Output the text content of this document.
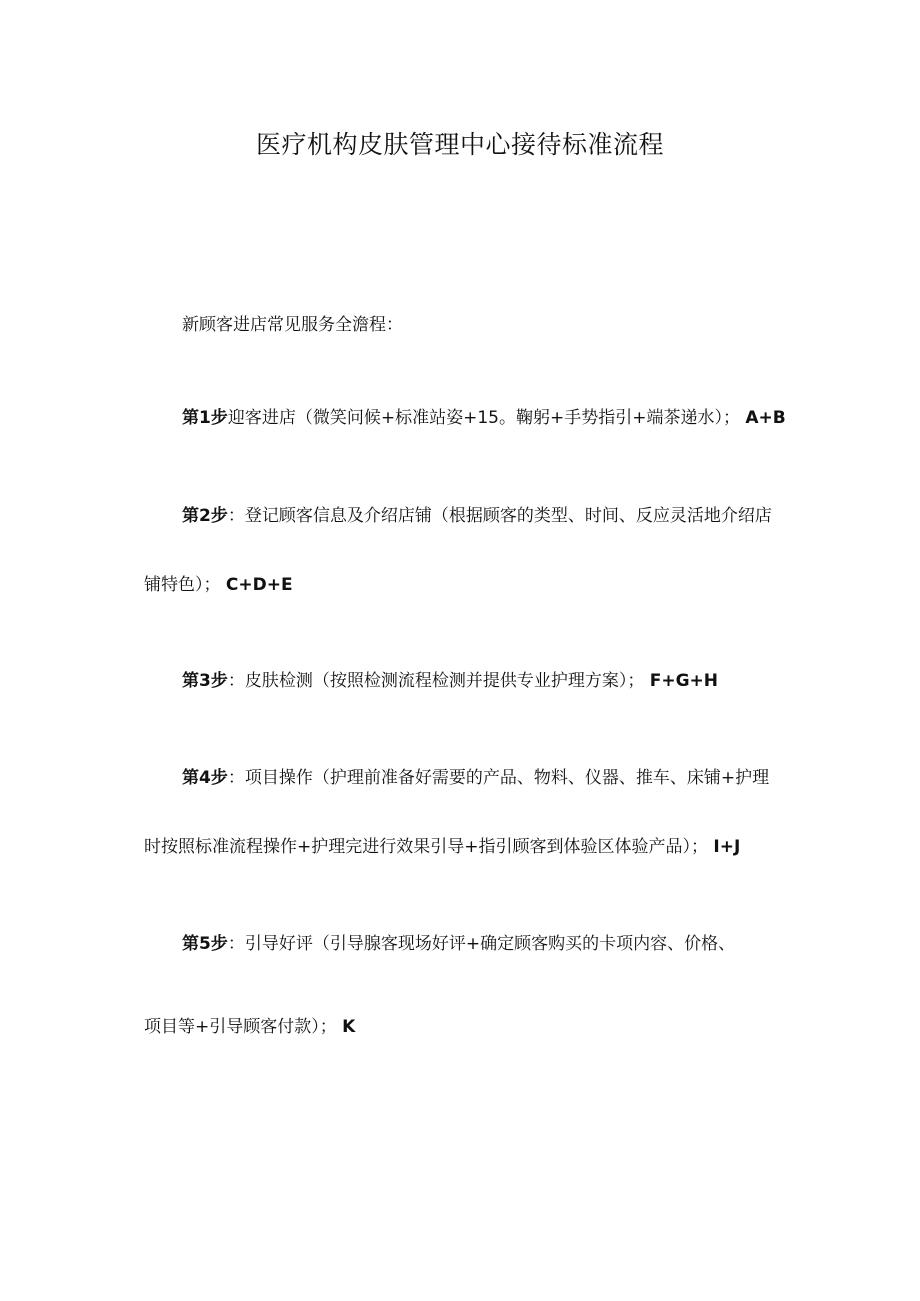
医疗机构皮肤管理中心接待标准流程

新顾客进店常见服务全澹程：

第1步迎客进店（微笑问候+标准站姿+15。鞠躬+手势指引+端茶递水）； A+B

第2步：登记顾客信息及介绍店铺（根据顾客的类型、时间、反应灵活地介绍店

铺特色）； C+D+E

第3步：皮肤检测（按照检测流程检测并提供专业护理方案）； F+G+H

第4步：项目操作（护理前准备好需要的产品、物料、仪器、推车、床铺+护理

时按照标准流程操作+护理完进行效果引导+指引顾客到体验区体验产品）； I+J

第5步：引导好评（引导腺客现场好评+确定顾客购买的卡项内容、价格、

项目等+引导顾客付款）； K
